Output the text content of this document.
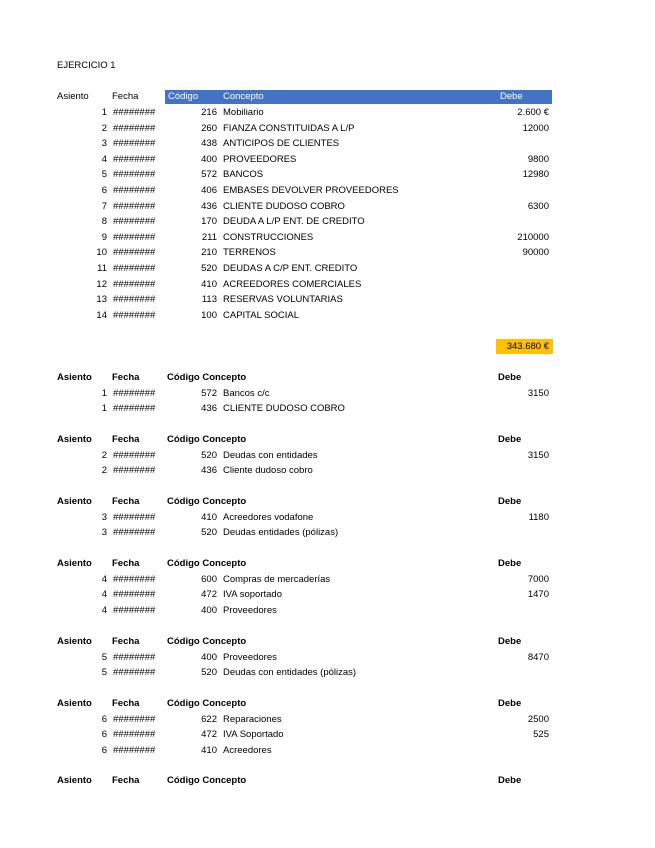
EJERCICIO 1
Asiento Fecha	Código	Concepto	Debe
1 ########	216 Mobiliario	2.600 €
2 ########	260 FIANZA CONSTITUIDAS A L/P	12000
3 ########	438 ANTICIPOS DE CLIENTES
4 ########	400 PROVEEDORES	9800
5 ########	572 BANCOS	12980
6 ########	406 EMBASES DEVOLVER PROVEEDORES
7 ########	436 CLIENTE DUDOSO COBRO	6300
8 ########	170 DEUDA A L/P ENT. DE CREDITO
9 ########	211 CONSTRUCCIONES	210000
10 ########	210 TERRENOS	90000
11 ########	520 DEUDAS A C/P ENT. CREDITO
12 ########	410 ACREEDORES COMERCIALES
13 ########	113 RESERVAS VOLUNTARIAS
14 ########	100 CAPITAL SOCIAL
343.680 €
Asiento Fecha	Código Concepto	Debe
1 ########	572 Bancos c/c	3150
1 ########	436 CLIENTE DUDOSO COBRO
Asiento Fecha	Código Concepto	Debe
2 ########	520 Deudas con entidades	3150
2 ########	436 Cliente dudoso cobro
Asiento Fecha	Código Concepto	Debe
3 ########	410 Acreedores vodafone	1180
3 ########	520 Deudas entidades (pólizas)
Asiento Fecha	Código Concepto	Debe
4 ########	600 Compras de mercaderías	7000
4 ########	472 IVA soportado	1470
4 ########	400 Proveedores
Asiento Fecha	Código Concepto	Debe
5 ########	400 Proveedores	8470
5 ########	520 Deudas con entidades (pólizas)
Asiento Fecha	Código Concepto	Debe
6 ########	622 Reparaciones	2500
6 ########	472 IVA Soportado	525
6 ########	410 Acreedores
Asiento Fecha	Código Concepto	Debe
